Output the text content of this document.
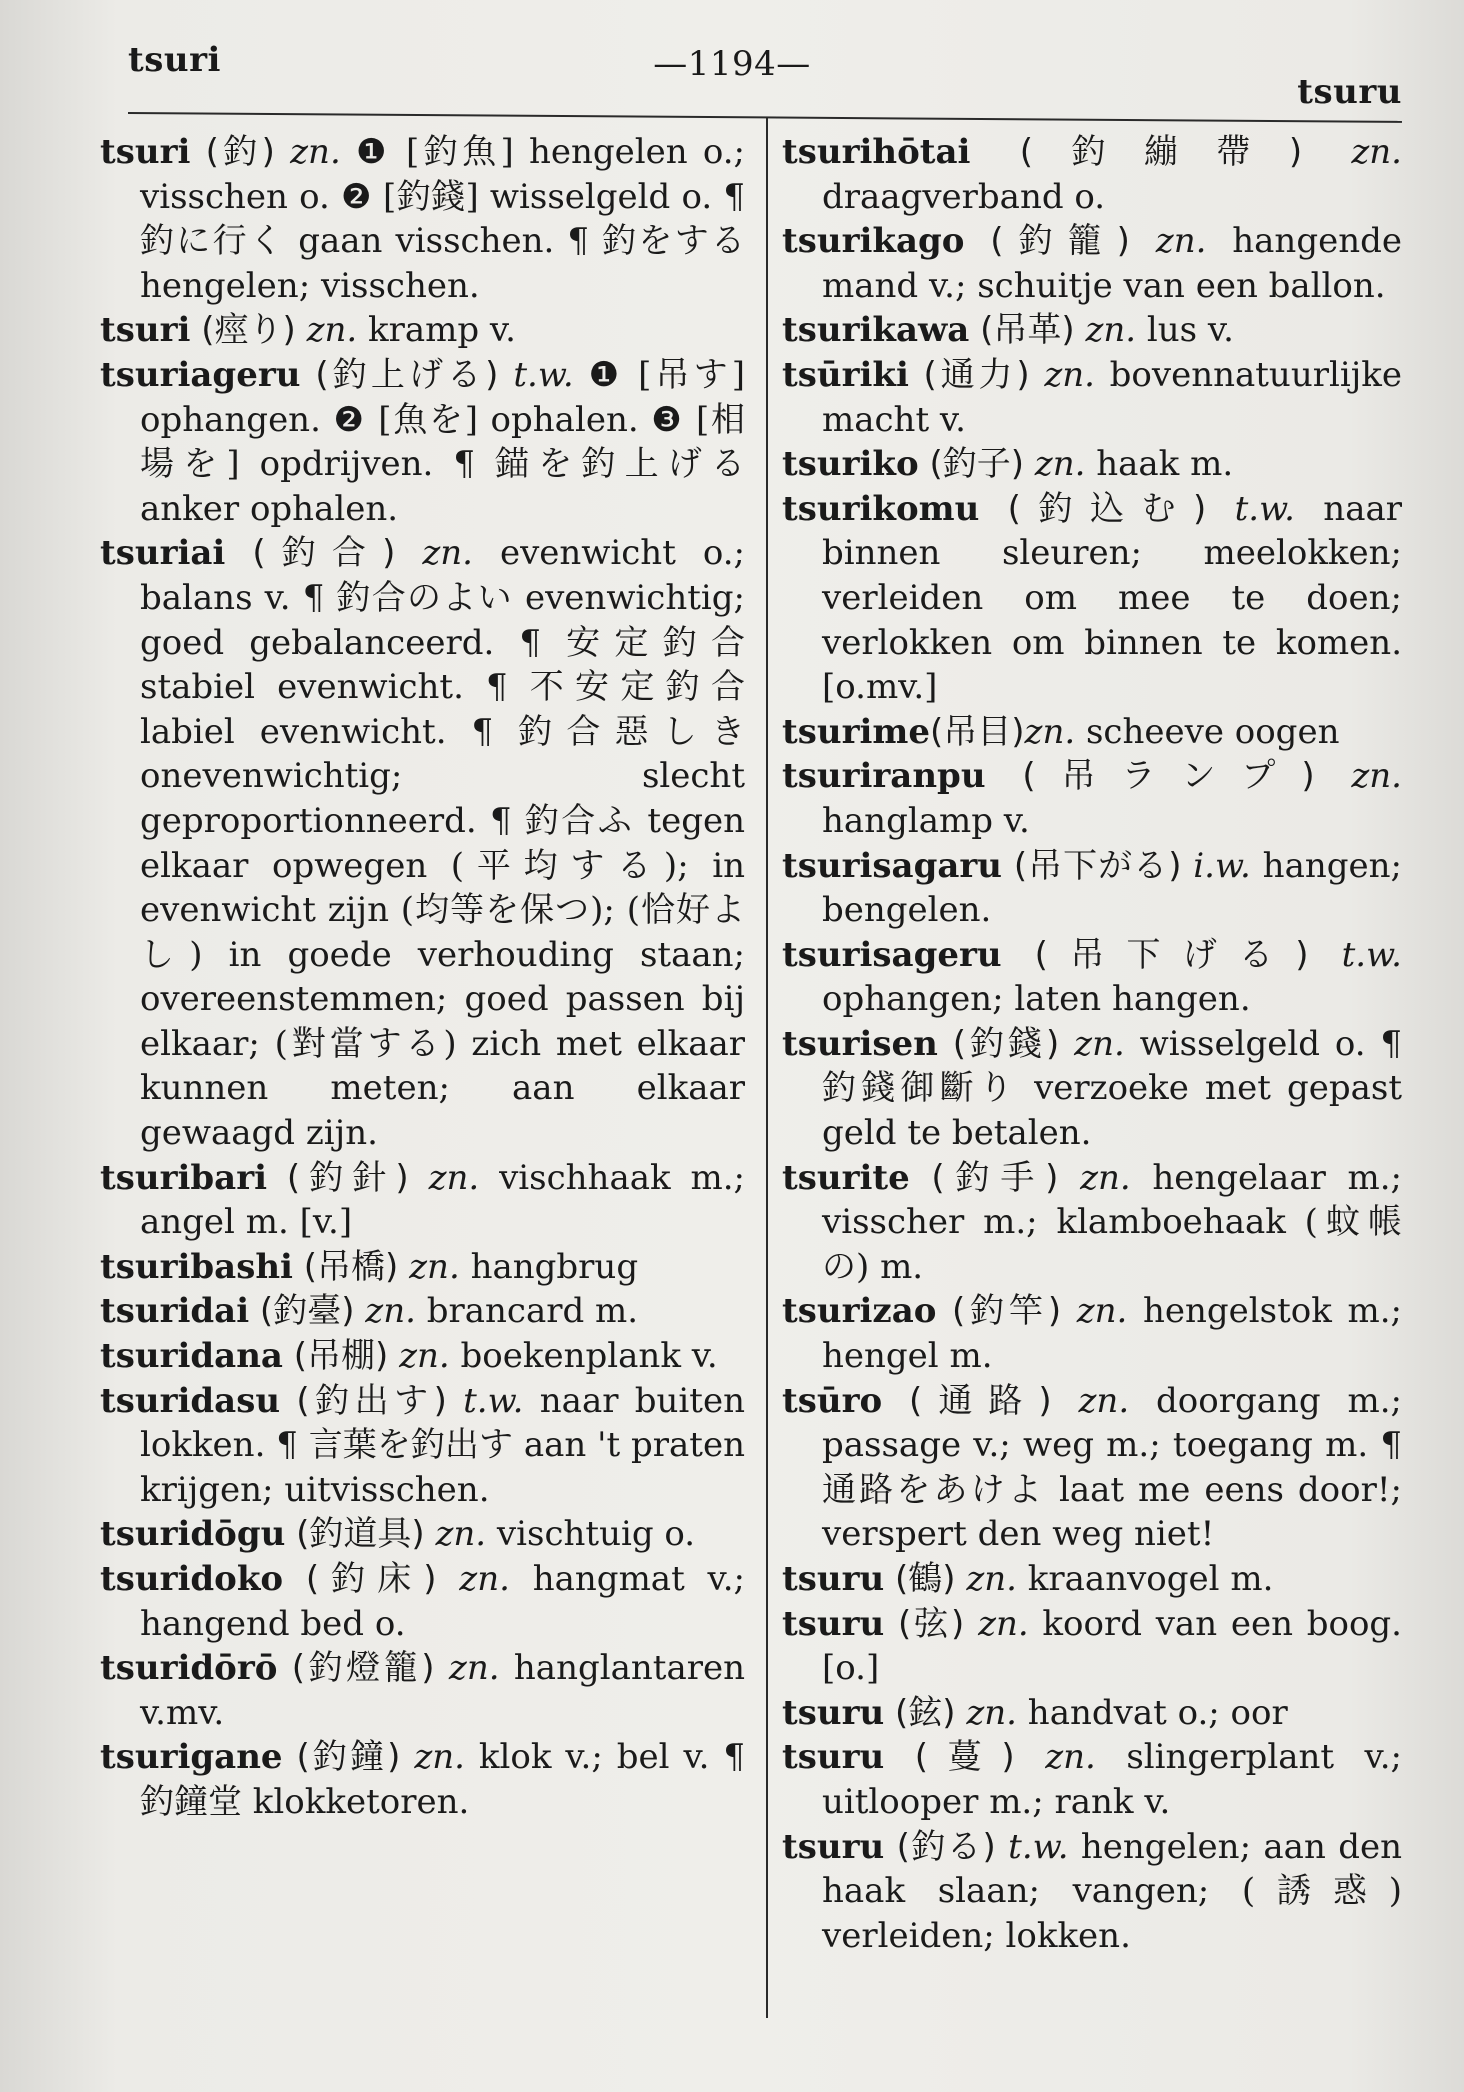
tsuri	—1194—
tsuru

tsuri (釣) zn. ❶ [釣魚] hengelen o.; visschen o. ❷ [釣錢] wisselgeld o. ¶ 釣に行く gaan visschen. ¶ 釣をする hengelen; visschen.

tsuri (痙り) zn. kramp v.

tsuriageru (釣上げる) t.w. ❶ [吊す] ophangen. ❷ [魚を] ophalen. ❸ [相場を] opdrijven. ¶ 錨を釣上げる anker ophalen.

tsuriai (釣合) zn. evenwicht o.; balans v. ¶ 釣合のよい evenwichtig; goed gebalanceerd. ¶ 安定釣合 stabiel evenwicht. ¶ 不安定釣合 labiel evenwicht. ¶ 釣合惡しき onevenwichtig; slecht geproportionneerd. ¶ 釣合ふ tegen elkaar opwegen (平均する); in evenwicht zijn (均等を保つ); (恰好よし) in goede verhouding staan; overeenstemmen; goed passen bij elkaar; (對當する) zich met elkaar kunnen meten; aan elkaar gewaagd zijn.

tsuribari (釣針) zn. vischhaak m.; angel m. [v.]

tsuribashi (吊橋) zn. hangbrug

tsuridai (釣臺) zn. brancard m.

tsuridana (吊棚) zn. boekenplank v.

tsuridasu (釣出す) t.w. naar buiten lokken. ¶ 言葉を釣出す aan 't praten krijgen; uitvisschen.

tsuridōgu (釣道具) zn. vischtuig o.

tsuridoko (釣床) zn. hangmat v.; hangend bed o.

tsuridōrō (釣燈籠) zn. hanglantaren v.mv.

tsurigane (釣鐘) zn. klok v.; bel v. ¶ 釣鐘堂 klokketoren.

tsurihōtai (釣繃帶) zn. draagverband o.

tsurikago (釣籠) zn. hangende mand v.; schuitje van een ballon.

tsurikawa (吊革) zn. lus v.

tsūriki (通力) zn. bovennatuurlijke macht v.

tsuriko (釣子) zn. haak m.

tsurikomu (釣込む) t.w. naar binnen sleuren; meelokken; verleiden om mee te doen; verlokken om binnen te komen. [o.mv.]

tsurime(吊目)zn. scheeve oogen

tsuriranpu (吊ランプ) zn. hanglamp v.

tsurisagaru (吊下がる) i.w. hangen; bengelen.

tsurisageru (吊下げる) t.w. ophangen; laten hangen.

tsurisen (釣錢) zn. wisselgeld o. ¶ 釣錢御斷り verzoeke met gepast geld te betalen.

tsurite (釣手) zn. hengelaar m.; visscher m.; klamboehaak (蚊帳の) m.

tsurizao (釣竿) zn. hengelstok m.; hengel m.

tsūro (通路) zn. doorgang m.; passage v.; weg m.; toegang m. ¶ 通路をあけよ laat me eens door!; verspert den weg niet!

tsuru (鶴) zn. kraanvogel m.

tsuru (弦) zn. koord van een boog. [o.]

tsuru (鉉) zn. handvat o.; oor

tsuru (蔓) zn. slingerplant v.; uitlooper m.; rank v.

tsuru (釣る) t.w. hengelen; aan den haak slaan; vangen; (誘惑) verleiden; lokken.
